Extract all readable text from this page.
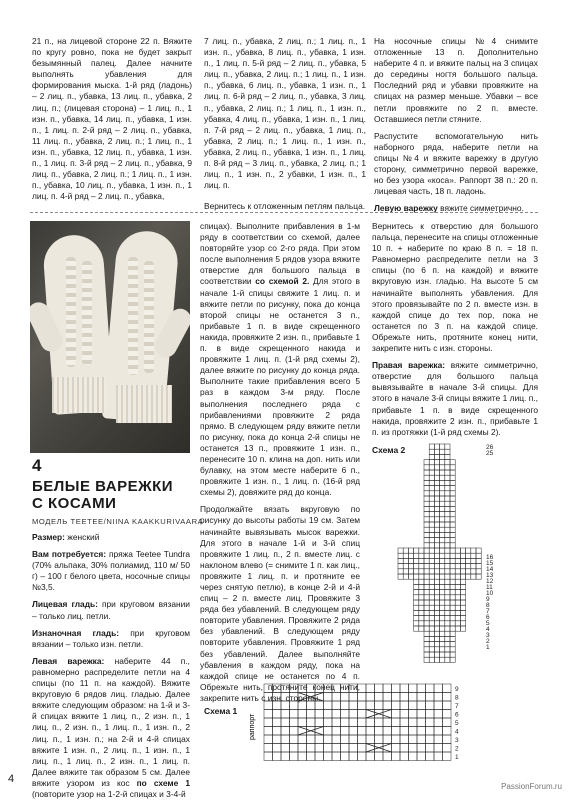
21 п., на лицевой стороне 22 п. Вяжите по кругу ровно, пока не будет закрыт безымянный палец. Далее начните выполнять убавления для формирования мыска. 1-й ряд (ладонь) – 2 лиц. п., убавка, 13 лиц. п., убавка, 2 лиц. п.; (лицевая сторона) – 1 лиц. п., 1 изн. п., убавка, 14 лиц. п., убавка, 1 изн. п., 1 лиц. п. 2-й ряд – 2 лиц. п., убавка, 11 лиц. п., убавка, 2 лиц. п.; 1 лиц. п., 1 изн. п., убавка, 12 лиц. п., убавка, 1 изн. п., 1 лиц. п. 3-й ряд – 2 лиц. п., убавка, 9 лиц. п., убавка, 2 лиц. п.; 1 лиц. п., 1 изн. п., убавка, 10 лиц. п., убавка, 1 изн. п., 1 лиц. п. 4-й ряд – 2 лиц. п., убавка,

7 лиц. п., убавка, 2 лиц. п.; 1 лиц. п., 1 изн. п., убавка, 8 лиц. п., убавка, 1 изн. п., 1 лиц. п. 5-й ряд – 2 лиц. п., убавка, 5 лиц. п., убавка, 2 лиц. п.; 1 лиц. п., 1 изн. п., убавка, 6 лиц. п., убавка, 1 изн. п., 1 лиц. п. 6-й ряд – 2 лиц. п., убавка, 3 лиц. п., убавка, 2 лиц. п.; 1 лиц. п., 1 изн. п., убавка, 4 лиц. п., убавка, 1 изн. п., 1 лиц. п. 7-й ряд – 2 лиц. п., убавка, 1 лиц. п., убавка, 2 лиц. п.; 1 лиц. п., 1 изн. п., убавка, 2 лиц. п., убавка, 1 изн. п., 1 лиц. п. 8-й ряд – 3 лиц. п., убавка, 2 лиц. п.; 1 лиц. п., 1 изн. п., 2 убавки, 1 изн. п., 1 лиц. п.

Вернитесь к отложенным петлям пальца.

На носочные спицы №4 снимите отложенные 13 п. Дополнительно наберите 4 п. и вяжите пальц на 3 спицах до середины ногтя большого пальца. Последний ряд и убавки провяжите на спицах на размер меньше. Убавки – все петли провяжите по 2 п. вместе. Оставшиеся петли стяните.

Распустите вспомогательную нить наборного ряда, наберите петли на спицы №4 и вяжите варежку в другую сторону, симметрично первой варежке, но без узора «коса». Раппорт 38 п.: 20 п. лицевая часть, 18 п. ладонь.

Левую варежку вяжите симметрично.

4
БЕЛЫЕ ВАРЕЖКИ
С КОСАМИ
МОДЕЛЬ TEETEE/NIINA KAAKKURIVAARA

Размер: женский

Вам потребуется: пряжа Teetee Tundra (70% альпака, 30% полиамид, 110 м/ 50 г) – 100 г белого цвета, носочные спицы №3,5.

Лицевая гладь: при круговом вязании – только лиц. петли.

Изнаночная гладь: при круговом вязании – только изн. петли.

Левая варежка: наберите 44 п., равномерно распределите петли на 4 спицы (по 11 п. на каждой). Вяжите вкруговую 6 рядов лиц. гладью. Далее вяжите следующим образом: на 1-й и 3-й спицах вяжите 1 лиц. п., 2 изн. п., 1 лиц. п., 2 изн. п., 1 лиц. п., 1 изн. п., 2 лиц. п., 1 изн. п.; на 2-й и 4-й спицах вяжите 1 изн. п., 2 лиц. п., 1 изн. п., 1 лиц. п., 1 лиц. п., 2 изн. п., 1 лиц. п. Далее вяжите так образом 5 см. Далее вяжите узором из кос по схеме 1 (повторите узор на 1-2-й спицах и 3-4-й

спицах). Выполните прибавления в 1-м ряду в соответствии со схемой, далее повторяйте узор со 2-го ряда. При этом после выполнения 5 рядов узора вяжите отверстие для большого пальца в соответствии со схемой 2. Для этого в начале 1-й спицы свяжите 1 лиц. п. и вяжите петли по рисунку, пока до конца второй спицы не останется 3 п., прибавьте 1 п. в виде скрещенного накида, провяжите 2 изн. п., прибавьте 1 п. в виде скрещенного накида и провяжите 1 лиц. п. (1-й ряд схемы 2), далее вяжите по рисунку до конца ряда. Выполните такие прибавления всего 5 раз в каждом 3-м ряду. После выполнения последнего ряда с прибавлениями провяжите 2 ряда прямо. В следующем ряду вяжите петли по рисунку, пока до конца 2-й спицы не останется 13 п., провяжите 1 изн. п., перенесите 10 п. клина на доп. нить или булавку, на этом месте наберите 6 п., провяжите 1 изн. п., 1 лиц. п. (16-й ряд схемы 2), довяжите ряд до конца.

Продолжайте вязать вкруговую по рисунку до высоты работы 19 см. Затем начинайте вывязывать мысок варежки. Для этого в начале 1-й и 3-й спиц провяжите 1 лиц. п., 2 п. вместе лиц. с наклоном влево (= снимите 1 п. как лиц., провяжите 1 лиц. п. и протяните ее через снятую петлю), в конце 2-й и 4-й спиц – 2 п. вместе лиц. Провяжите 3 ряда без убавлений. В следующем ряду повторите убавления. Провяжите 2 ряда без убавлений. В следующем ряду повторите убавления. Провяжите 1 ряд без убавлений. Далее выполняйте убавления в каждом ряду, пока на каждой спице не останется по 4 п. Обрежьте нить, протяните конец нити, закрепите нить с изн. стороны.

Вернитесь к отверстию для большого пальца, перенесите на спицы отложенные 10 п. + наберите по краю 8 п. = 18 п. Равномерно распределите петли на 3 спицы (по 6 п. на каждой) и вяжите вкруговую изн. гладью. На высоте 5 см начинайте выполнять убавления. Для этого провязывайте по 2 п. вместе изн. в каждой спице до тех пор, пока не останется по 3 п. на каждой спице. Обрежьте нить, протяните конец нити, закрепите нить с изн. стороны.

Правая варежка: вяжите симметрично, отверстие для большого пальца вывязывайте в начале 3-й спицы. Для этого в начале 3-й спицы вяжите 1 лиц. п., прибавьте 1 п. в виде скрещенного накида, провяжите 2 изн. п., прибавьте 1 п. из протяжки (1-й ряд схемы 2).

Схема 2	26
25
16
15
14
13
12
11
10
9
8
7
6
5
4
3
2
1
Схема 1
9
8
7
6
5
4
3
2
1
раппорт
4
PassionForum.ru
